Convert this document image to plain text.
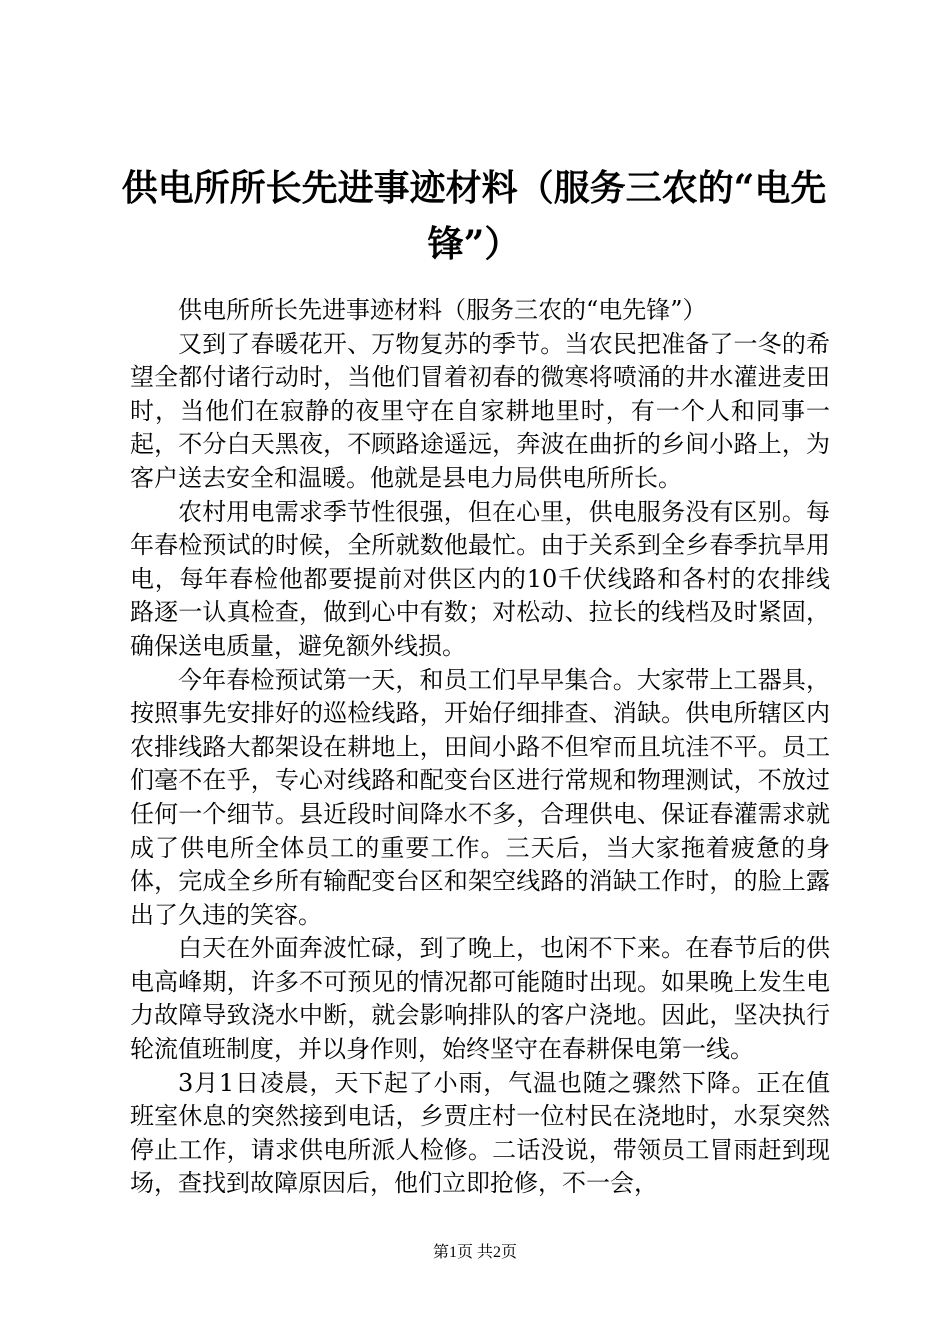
供电所所长先进事迹材料（服务三农的“电先锋”）

供电所所长先进事迹材料（服务三农的“电先锋”）

又到了春暖花开、万物复苏的季节。当农民把准备了一冬的希望全都付诸行动时，当他们冒着初春的微寒将喷涌的井水灌进麦田时，当他们在寂静的夜里守在自家耕地里时，有一个人和同事一起，不分白天黑夜，不顾路途遥远，奔波在曲折的乡间小路上，为客户送去安全和温暖。他就是县电力局供电所所长。

农村用电需求季节性很强，但在心里，供电服务没有区别。每年春检预试的时候，全所就数他最忙。由于关系到全乡春季抗旱用电，每年春检他都要提前对供区内的10千伏线路和各村的农排线路逐一认真检查，做到心中有数；对松动、拉长的线档及时紧固，确保送电质量，避免额外线损。

今年春检预试第一天，和员工们早早集合。大家带上工器具，按照事先安排好的巡检线路，开始仔细排查、消缺。供电所辖区内农排线路大都架设在耕地上，田间小路不但窄而且坑洼不平。员工们毫不在乎，专心对线路和配变台区进行常规和物理测试，不放过任何一个细节。县近段时间降水不多，合理供电、保证春灌需求就成了供电所全体员工的重要工作。三天后，当大家拖着疲惫的身体，完成全乡所有输配变台区和架空线路的消缺工作时，的脸上露出了久违的笑容。

白天在外面奔波忙碌，到了晚上，也闲不下来。在春节后的供电高峰期，许多不可预见的情况都可能随时出现。如果晚上发生电力故障导致浇水中断，就会影响排队的客户浇地。因此，坚决执行轮流值班制度，并以身作则，始终坚守在春耕保电第一线。

3月1日凌晨，天下起了小雨，气温也随之骤然下降。正在值班室休息的突然接到电话，乡贾庄村一位村民在浇地时，水泵突然停止工作，请求供电所派人检修。二话没说，带领员工冒雨赶到现场，查找到故障原因后，他们立即抢修，不一会，

第1页 共2页
